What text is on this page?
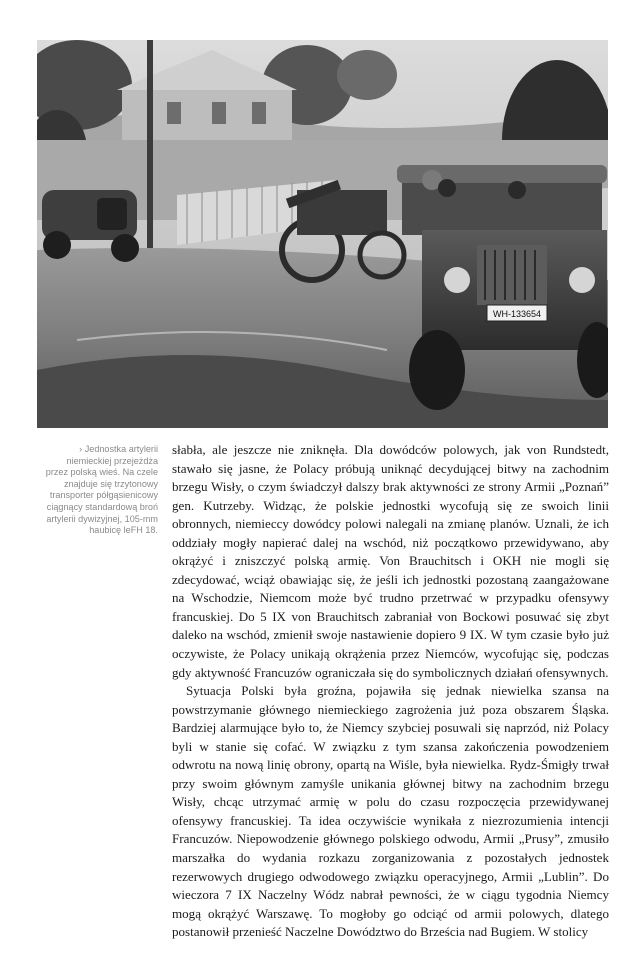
WH-133654
› Jednostka artylerii
niemieckiej przejeżdża
przez polską wieś. Na czele
znajduje się trzytonowy
transporter półgąsienicowy
ciągnący standardową broń
artylerii dywizyjnej, 105-mm
haubicę leFH 18.

słabła, ale jeszcze nie zniknęła. Dla dowódców polowych, jak von Rundstedt, stawało się jasne, że Polacy próbują uniknąć decydującej bitwy na zachodnim brzegu Wisły, o czym świadczył dalszy brak aktywności ze strony Armii „Poznań” gen. Kutrzeby. Widząc, że polskie jednostki wycofują się ze swoich linii obronnych, niemieccy dowódcy polowi nalegali na zmianę planów. Uznali, że ich oddziały mogły napierać dalej na wschód, niż początkowo przewidywano, aby okrążyć i zniszczyć polską armię. Von Brauchitsch i OKH nie mogli się zdecydować, wciąż obawiając się, że jeśli ich jednostki pozostaną zaangażowane na Wschodzie, Niemcom może być trudno przetrwać w przypadku ofensywy francuskiej. Do 5 IX von Brauchitsch zabraniał von Bockowi posuwać się zbyt daleko na wschód, zmienił swoje nastawienie dopiero 9 IX. W tym czasie było już oczywiste, że Polacy unikają okrążenia przez Niemców, wycofując się, podczas gdy aktywność Francuzów ograniczała się do symbolicznych działań ofensywnych.

Sytuacja Polski była groźna, pojawiła się jednak niewielka szansa na powstrzymanie głównego niemieckiego zagrożenia już poza obszarem Śląska. Bardziej alarmujące było to, że Niemcy szybciej posuwali się naprzód, niż Polacy byli w stanie się cofać. W związku z tym szansa zakończenia powodzeniem odwrotu na nową linię obrony, opartą na Wiśle, była niewielka. Rydz-Śmigły trwał przy swoim głównym zamyśle unikania głównej bitwy na zachodnim brzegu Wisły, chcąc utrzymać armię w polu do czasu rozpoczęcia przewidywanej ofensywy francuskiej. Ta idea oczywiście wynikała z niezrozumienia intencji Francuzów. Niepowodzenie głównego polskiego odwodu, Armii „Prusy”, zmusiło marszałka do wydania rozkazu zorganizowania z pozostałych jednostek rezerwowych drugiego odwodowego związku operacyjnego, Armii „Lublin”. Do wieczora 7 IX Naczelny Wódz nabrał pewności, że w ciągu tygodnia Niemcy mogą okrążyć Warszawę. To mogłoby go odciąć od armii polowych, dlatego postanowił przenieść Naczelne Dowództwo do Brześcia nad Bugiem. W stolicy
